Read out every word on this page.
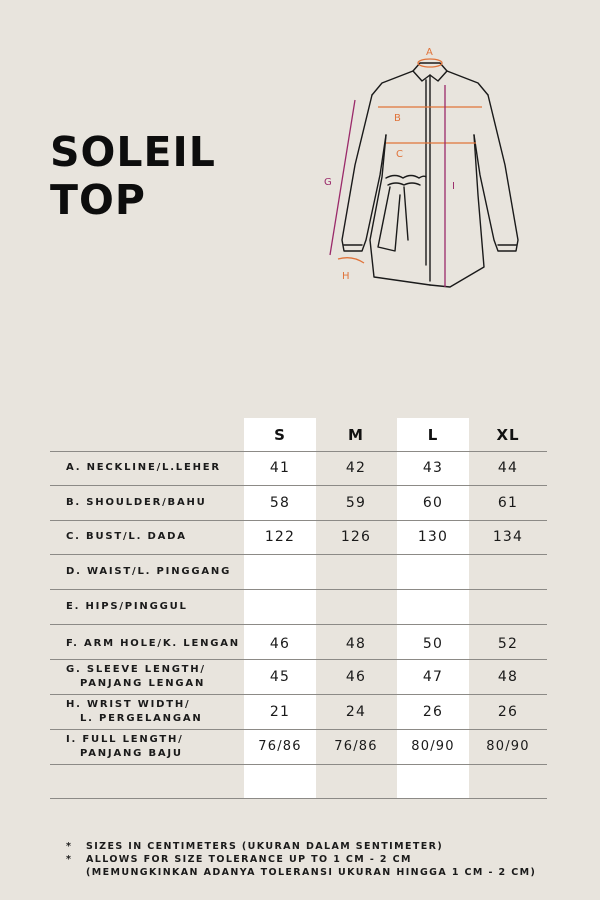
SOLEIL
TOP
A
B
C
G	I
H
S	M	L	XL
A. NECKLINE/L.LEHER	41	42	43	44
B. SHOULDER/BAHU	58	59	60	61
C. BUST/L. DADA	122	126	130	134
D. WAIST/L. PINGGANG
E. HIPS/PINGGUL
F. ARM HOLE/K. LENGAN	46	48	50	52
G. SLEEVE LENGTH/
PANJANG LENGAN	45	46	47	48
H. WRIST WIDTH/
L. PERGELANGAN	21	24	26	26
I. FULL LENGTH/
PANJANG BAJU	76/86	76/86	80/90	80/90
* SIZES IN CENTIMETERS (UKURAN DALAM SENTIMETER)
* ALLOWS FOR SIZE TOLERANCE UP TO 1 CM - 2 CM
(MEMUNGKINKAN ADANYA TOLERANSI UKURAN HINGGA 1 CM - 2 CM)
